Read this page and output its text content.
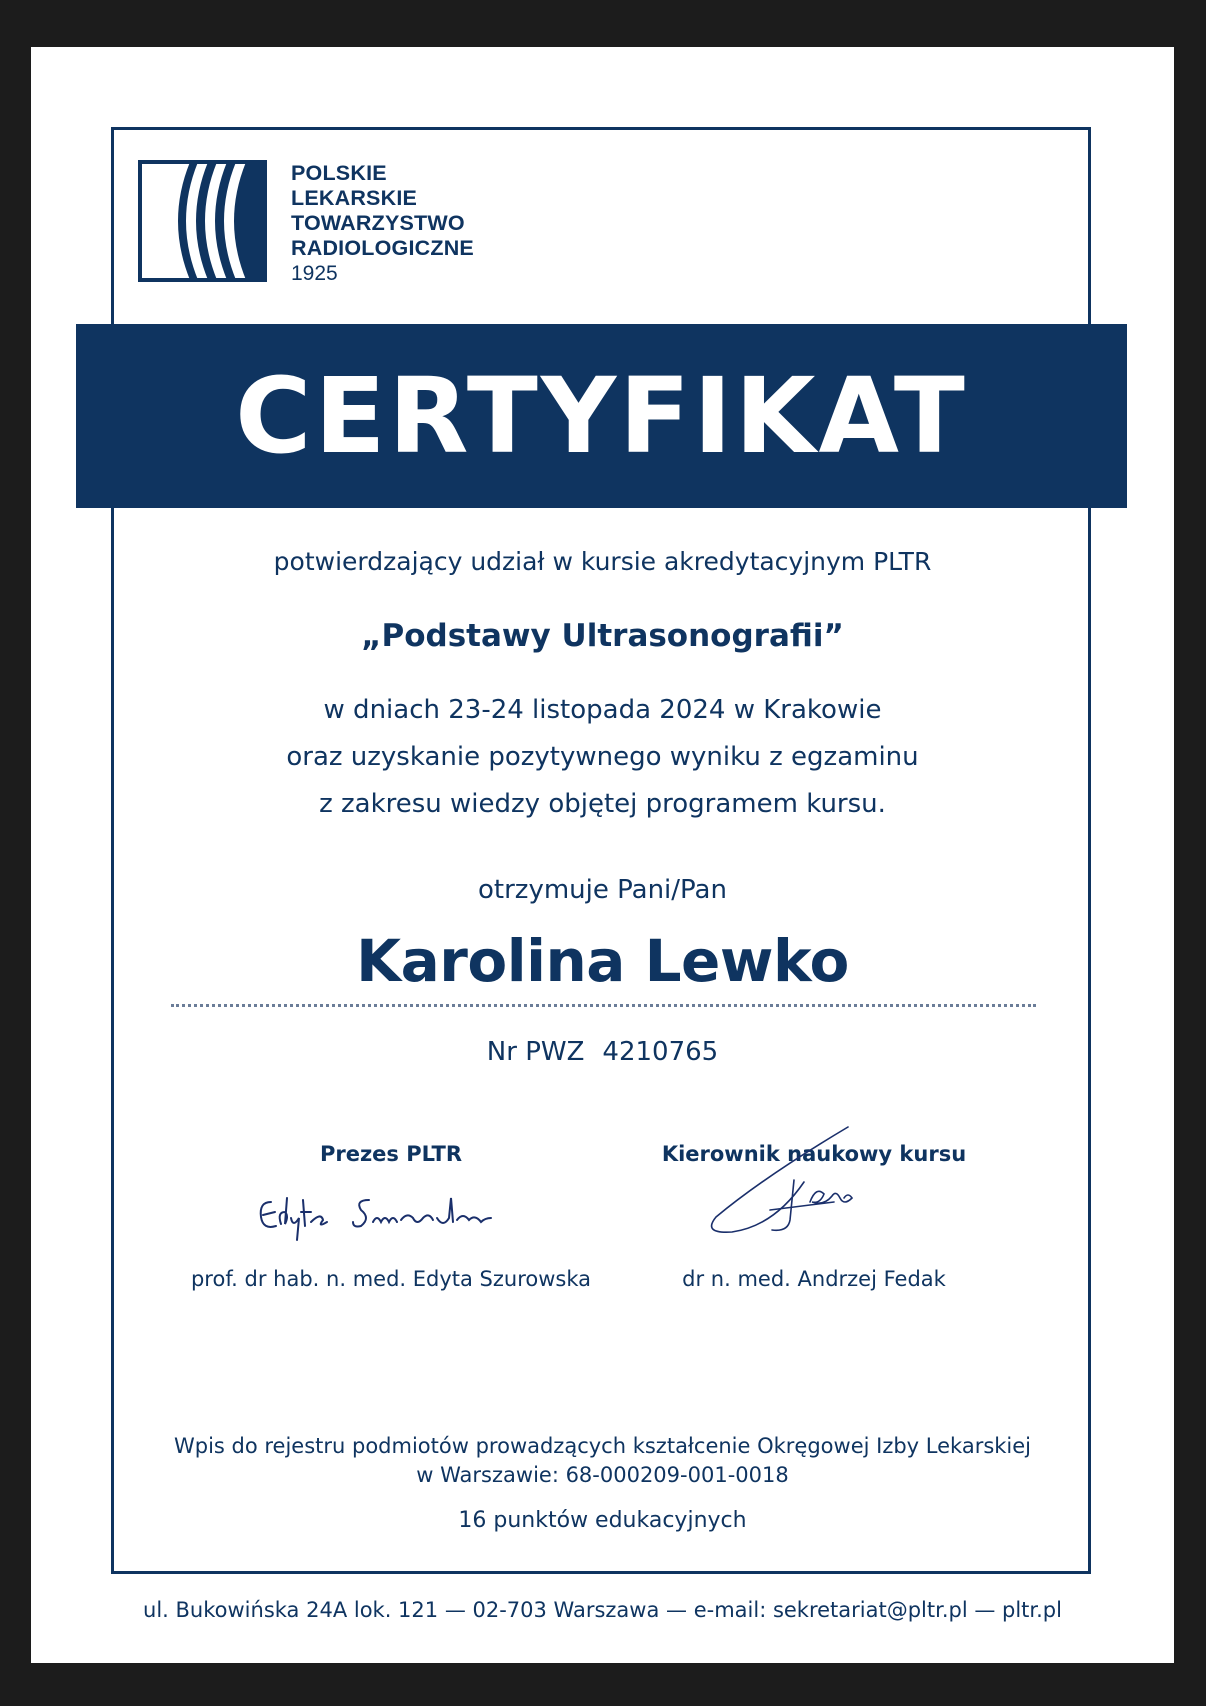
POLSKIE
LEKARSKIE
TOWARZYSTWO
RADIOLOGICZNE
1925
CERTYFIKAT
potwierdzający udział w kursie akredytacyjnym PLTR
„Podstawy Ultrasonografii”
w dniach 23-24 listopada 2024 w Krakowie
oraz uzyskanie pozytywnego wyniku z egzaminu
z zakresu wiedzy objętej programem kursu.
otrzymuje Pani/Pan
Karolina Lewko
Nr PWZ 4210765
Prezes PLTR
prof. dr hab. n. med. Edyta Szurowska
Kierownik naukowy kursu
dr n. med. Andrzej Fedak
Wpis do rejestru podmiotów prowadzących kształcenie Okręgowej Izby Lekarskiej
w Warszawie: 68-000209-001-0018
16 punktów edukacyjnych
ul. Bukowińska 24A lok. 121 — 02-703 Warszawa — e-mail: sekretariat@pltr.pl — pltr.pl
